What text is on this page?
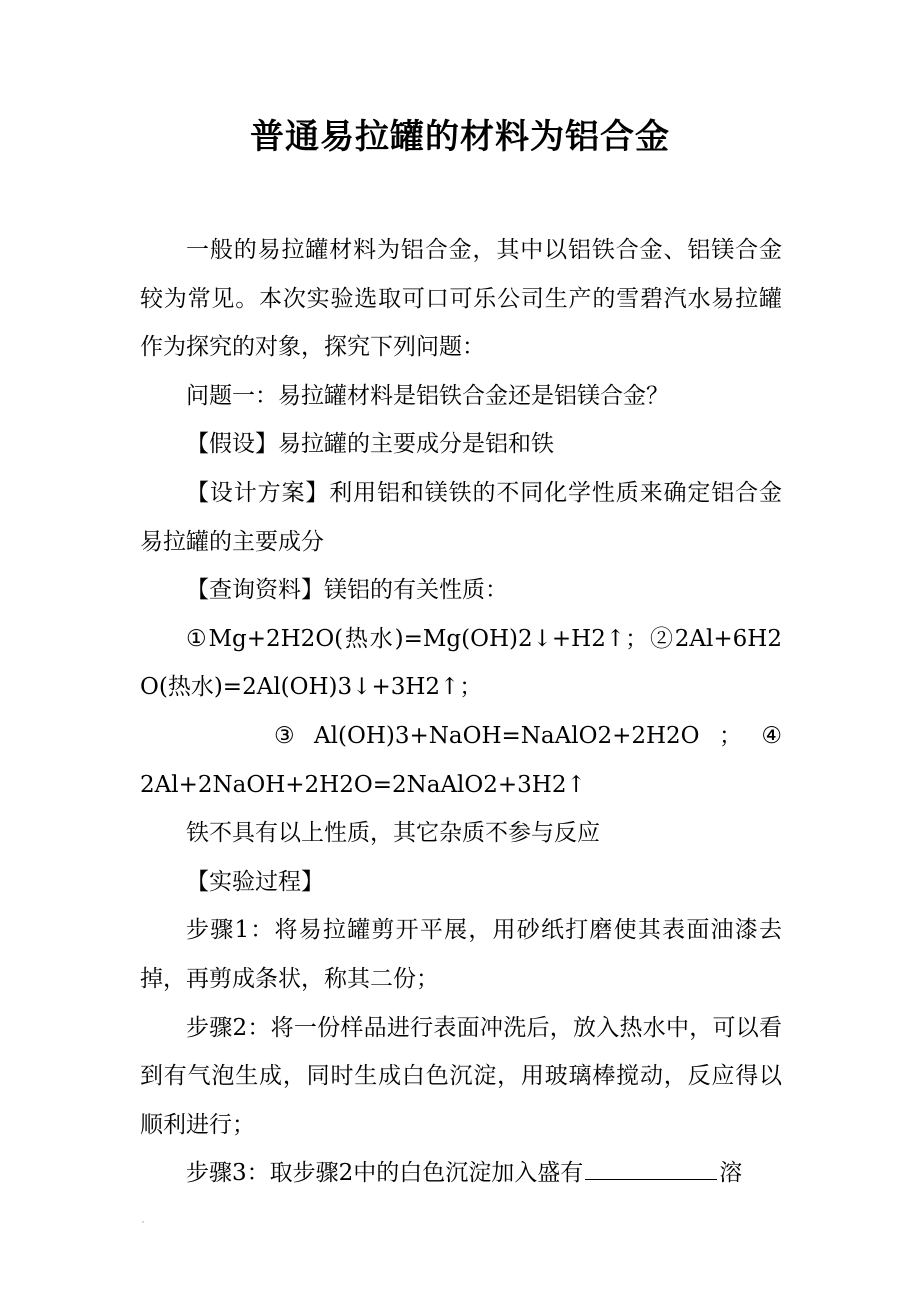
普通易拉罐的材料为铝合金

一般的易拉罐材料为铝合金，其中以铝铁合金、铝镁合金较为常见。本次实验选取可口可乐公司生产的雪碧汽水易拉罐作为探究的对象，探究下列问题：

问题一：易拉罐材料是铝铁合金还是铝镁合金？

【假设】易拉罐的主要成分是铝和铁

【设计方案】利用铝和镁铁的不同化学性质来确定铝合金易拉罐的主要成分

【查询资料】镁铝的有关性质：

①Mg+2H2O(热水)=Mg(OH)2↓+H2↑；②2Al+6H2O(热水)=2Al(OH)3↓+3H2↑；

③ Al(OH)3+NaOH=NaAlO2+2H2O ； ④

2Al+2NaOH+2H2O=2NaAlO2+3H2↑

铁不具有以上性质，其它杂质不参与反应

【实验过程】

步骤1：将易拉罐剪开平展，用砂纸打磨使其表面油漆去掉，再剪成条状，称其二份；

步骤2：将一份样品进行表面冲洗后，放入热水中，可以看到有气泡生成，同时生成白色沉淀，用玻璃棒搅动，反应得以顺利进行；

步骤3：取步骤2中的白色沉淀加入盛有	溶
